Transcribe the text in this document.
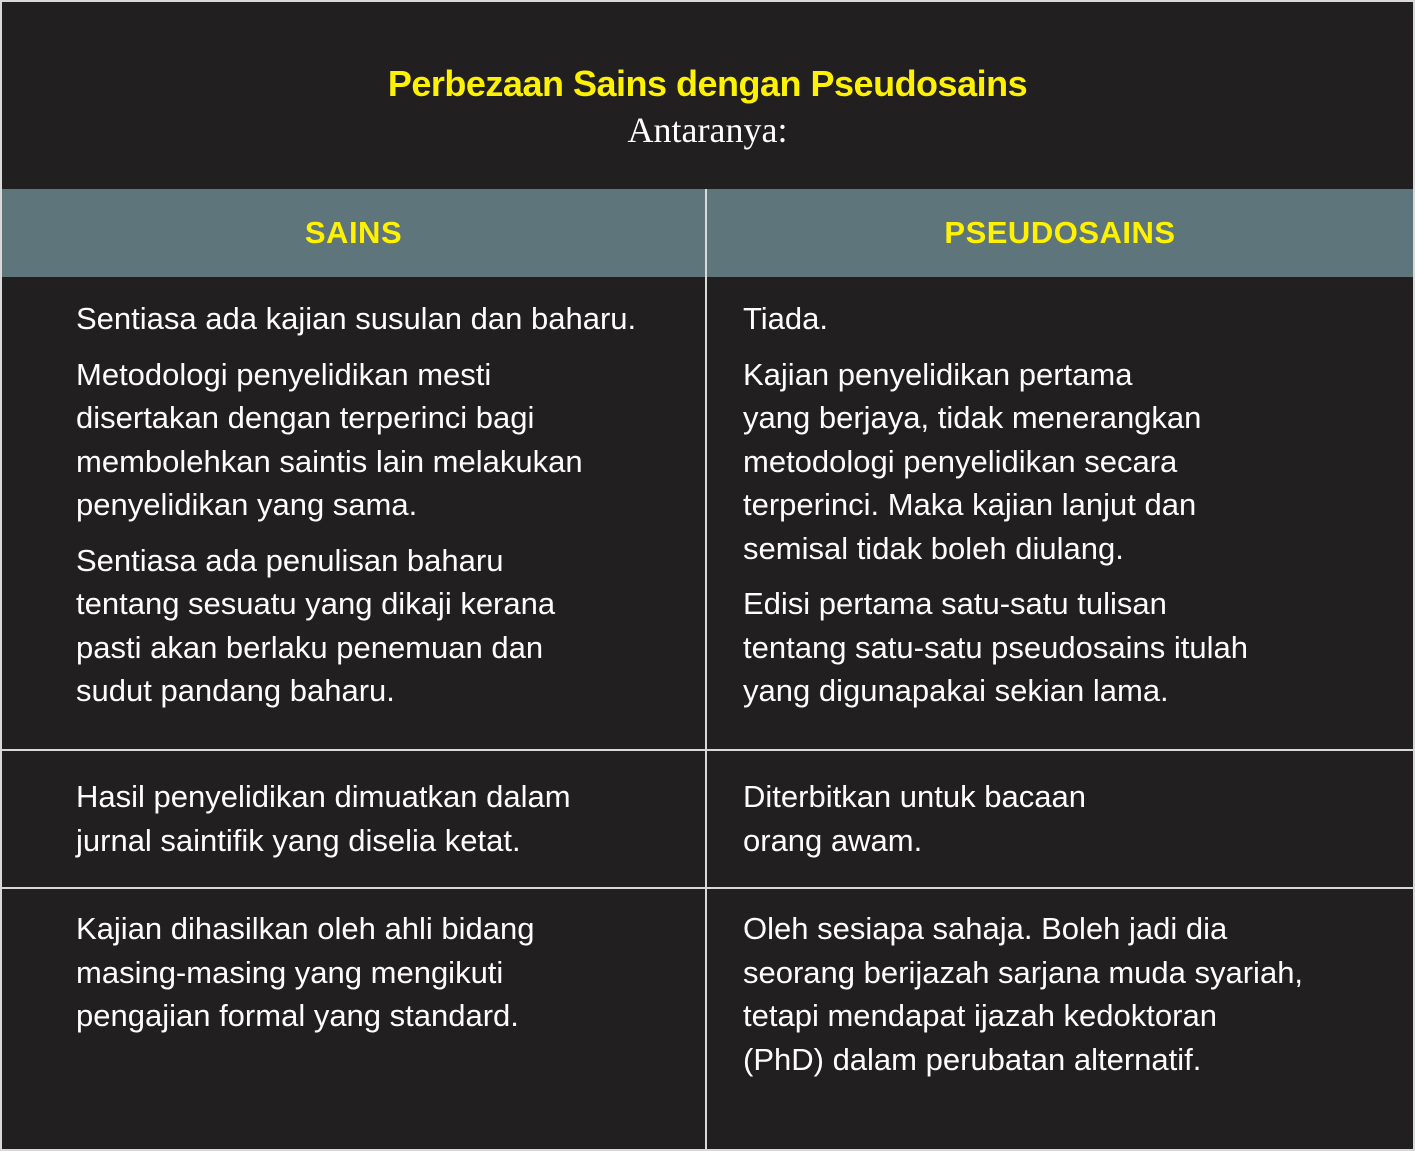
Perbezaan Sains dengan Pseudosains
Antaranya:
SAINS	PSEUDOSAINS

Sentiasa ada kajian susulan dan baharu.

Metodologi penyelidikan mesti
disertakan dengan terperinci bagi
membolehkan saintis lain melakukan
penyelidikan yang sama.

Sentiasa ada penulisan baharu
tentang sesuatu yang dikaji kerana
pasti akan berlaku penemuan dan
sudut pandang baharu.

Tiada.

Kajian penyelidikan pertama
yang berjaya, tidak menerangkan
metodologi penyelidikan secara
terperinci. Maka kajian lanjut dan
semisal tidak boleh diulang.

Edisi pertama satu-satu tulisan
tentang satu-satu pseudosains itulah
yang digunapakai sekian lama.

Hasil penyelidikan dimuatkan dalam
jurnal saintifik yang diselia ketat.

Diterbitkan untuk bacaan
orang awam.

Kajian dihasilkan oleh ahli bidang
masing-masing yang mengikuti
pengajian formal yang standard.

Oleh sesiapa sahaja. Boleh jadi dia
seorang berijazah sarjana muda syariah,
tetapi mendapat ijazah kedoktoran
(PhD) dalam perubatan alternatif.
